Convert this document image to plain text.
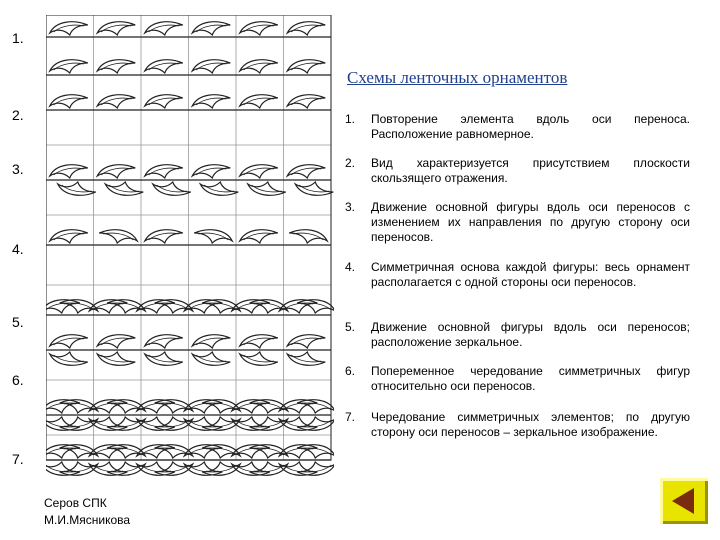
1.
2.
3.
4.
5.
6.
7.
Схемы ленточных орнаментов
1.	Повторение элемента вдоль оси переноса. Расположение равномерное.
2.	Вид характеризуется присутствием плоскости скользящего отражения.
3.	Движение основной фигуры вдоль оси переносов с изменением их направления по другую сторону оси переносов.
4.	Симметричная основа каждой фигуры: весь орнамент располагается с одной стороны оси переносов.
5.	Движение основной фигуры вдоль оси переносов; расположение зеркальное.
6.	Попеременное чередование симметричных фигур относительно оси переносов.
7.	Чередование симметричных элементов; по другую сторону оси переносов – зеркальное изображение.
Серов СПК
М.И.Мясникова
